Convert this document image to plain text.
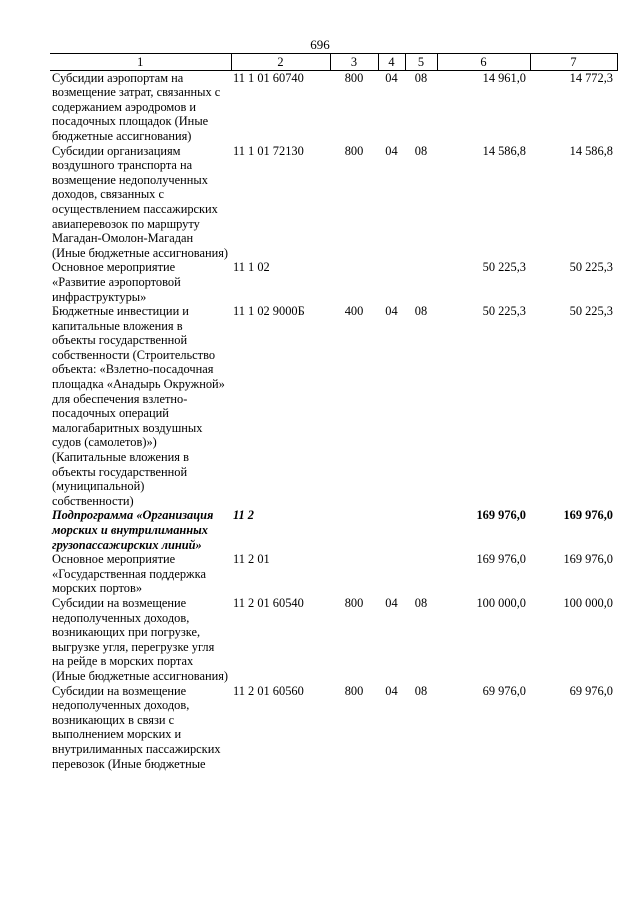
696
1	2	3	4	5	6	7
Субсидии аэропортам на возмещение затрат, связанных с содержанием аэродромов и посадочных площадок (Иные бюджетные ассигнования)	11 1 01 60740	800	04	08	14 961,0	14 772,3
Субсидии организациям воздушного транспорта на возмещение недополученных доходов, связанных с осуществлением пассажирских авиаперевозок по маршруту Магадан-Омолон-Магадан (Иные бюджетные ассигнования)	11 1 01 72130	800	04	08	14 586,8	14 586,8
Основное мероприятие «Развитие аэропортовой инфраструктуры»	11 1 02				50 225,3	50 225,3
Бюджетные инвестиции и капитальные вложения в объекты государственной собственности (Строительство объекта: «Взлетно-посадочная площадка «Анадырь Окружной» для обеспечения взлетно-посадочных операций малогабаритных воздушных судов (самолетов)») (Капитальные вложения в объекты государственной (муниципальной) собственности)	11 1 02 9000Б	400	04	08	50 225,3	50 225,3
Подпрограмма «Организация морских и внутрилиманных грузопассажирских линий»	11 2				169 976,0	169 976,0
Основное мероприятие «Государственная поддержка морских портов»	11 2 01				169 976,0	169 976,0
Субсидии на возмещение недополученных доходов, возникающих при погрузке, выгрузке угля, перегрузке угля на рейде в морских портах (Иные бюджетные ассигнования)	11 2 01 60540	800	04	08	100 000,0	100 000,0
Субсидии на возмещение недополученных доходов, возникающих в связи с выполнением морских и внутрилиманных пассажирских перевозок (Иные бюджетные	11 2 01 60560	800	04	08	69 976,0	69 976,0
